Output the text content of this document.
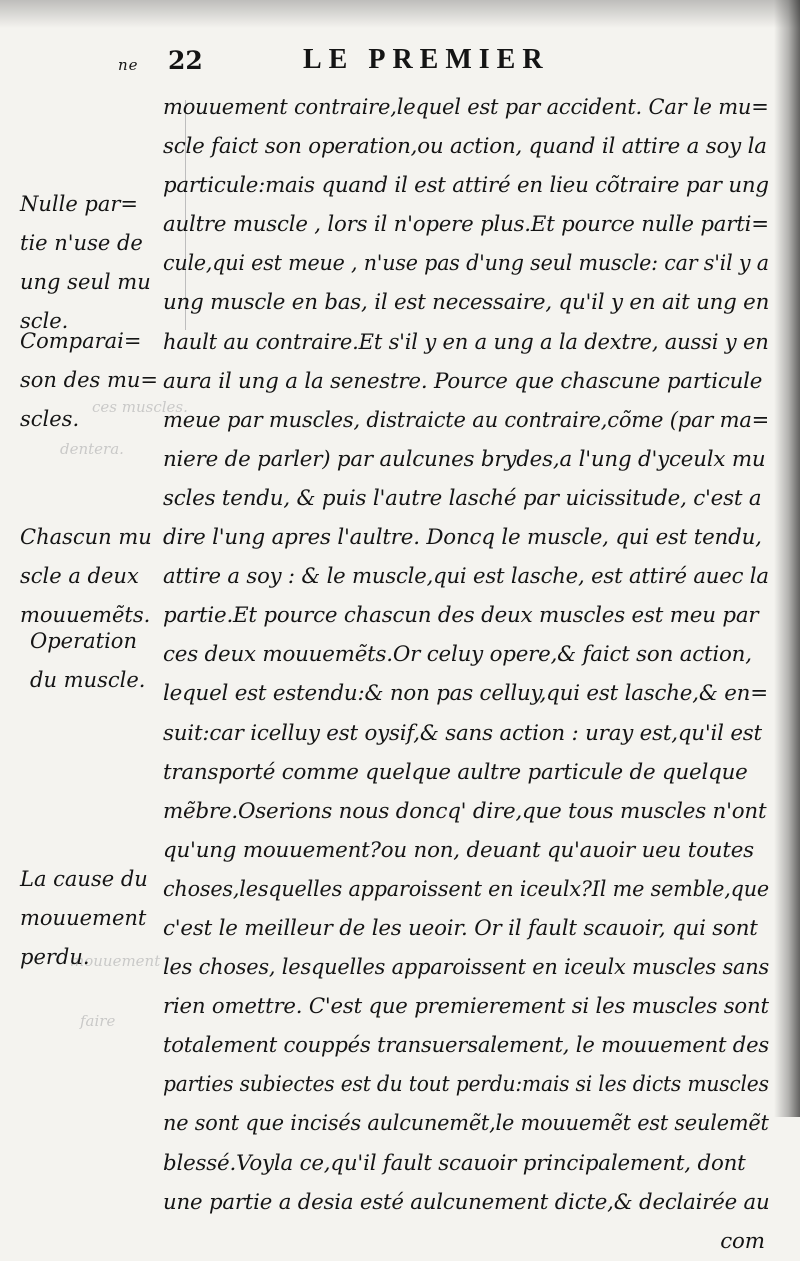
ces muscles.
dentera.
mouuement
faire
ne 22	LE PREMIER
Nulle par=
tie n'use de
ung seul mu
scle.
Comparai=
son des mu=
scles.
Chascun mu
scle a deux
mouuemẽts.
Operation
du muscle.
La cause du
mouuement
perdu.
mouuement contraire,lequel est par accident. Car le mu=
scle faict son operation,ou action, quand il attire a soy la
particule:mais quand il est attiré en lieu cõtraire par ung
aultre muscle , lors il n'opere plus.Et pource nulle parti=
cule,qui est meue , n'use pas d'ung seul muscle: car s'il y a
ung muscle en bas, il est necessaire, qu'il y en ait ung en
hault au contraire.Et s'il y en a ung a la dextre, aussi y en
aura il ung a la senestre. Pource que chascune particule
meue par muscles, distraicte au contraire,cõme (par ma=
niere de parler) par aulcunes brydes,a l'ung d'yceulx mu
scles tendu, & puis l'autre lasché par uicissitude, c'est a
dire l'ung apres l'aultre. Doncq le muscle, qui est tendu,
attire a soy : & le muscle,qui est lasche, est attiré auec la
partie.Et pource chascun des deux muscles est meu par
ces deux mouuemẽts.Or celuy opere,& faict son action,
lequel est estendu:& non pas celluy,qui est lasche,& en=
suit:car icelluy est oysif,& sans action : uray est,qu'il est
transporté comme quelque aultre particule de quelque
mẽbre.Oserions nous doncq' dire,que tous muscles n'ont
qu'ung mouuement?ou non, deuant qu'auoir ueu toutes
choses,lesquelles apparoissent en iceulx?Il me semble,que
c'est le meilleur de les ueoir. Or il fault scauoir, qui sont
les choses, lesquelles apparoissent en iceulx muscles sans
rien omettre. C'est que premierement si les muscles sont
totalement couppés transuersalement, le mouuement des
parties subiectes est du tout perdu:mais si les dicts muscles
ne sont que incisés aulcunemẽt,le mouuemẽt est seulemẽt
blessé.Voyla ce,qu'il fault scauoir principalement, dont
une partie a desia esté aulcunement dicte,& declairée au
com
